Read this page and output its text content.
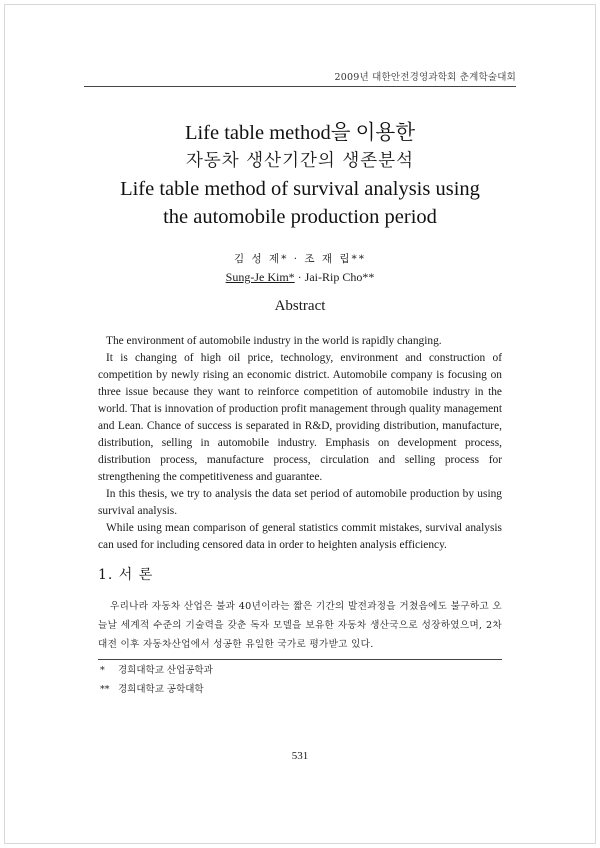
2009년 대한안전경영과학회 춘계학술대회
Life table method을 이용한
자동차 생산기간의 생존분석
Life table method of survival analysis using
the automobile production period
김 성 제* · 조 재 립**
Sung-Je Kim* · Jai-Rip Cho**
Abstract

The environment of automobile industry in the world is rapidly changing.

It is changing of high oil price, technology, environment and construction of competition by newly rising an economic district. Automobile company is focusing on three issue because they want to reinforce competition of automobile industry in the world. That is innovation of production profit management through quality management and Lean. Chance of success is separated in R&D, providing distribution, manufacture, distribution, selling in automobile industry. Emphasis on development process, distribution process, manufacture process, circulation and selling process for strengthening the competitiveness and guarantee.

In this thesis, we try to analysis the data set period of automobile production by using survival analysis.

While using mean comparison of general statistics commit mistakes, survival analysis can used for including censored data in order to heighten analysis efficiency.

1. 서 론

우리나라 자동차 산업은 불과 40년이라는 짧은 기간의 발전과정을 거쳤음에도 불구하고 오늘날 세계적 수준의 기술력을 갖춘 독자 모델을 보유한 자동차 생산국으로 성장하였으며, 2차 대전 이후 자동차산업에서 성공한 유일한 국가로 평가받고 있다.

* 경희대학교 산업공학과
** 경희대학교 공학대학
531
